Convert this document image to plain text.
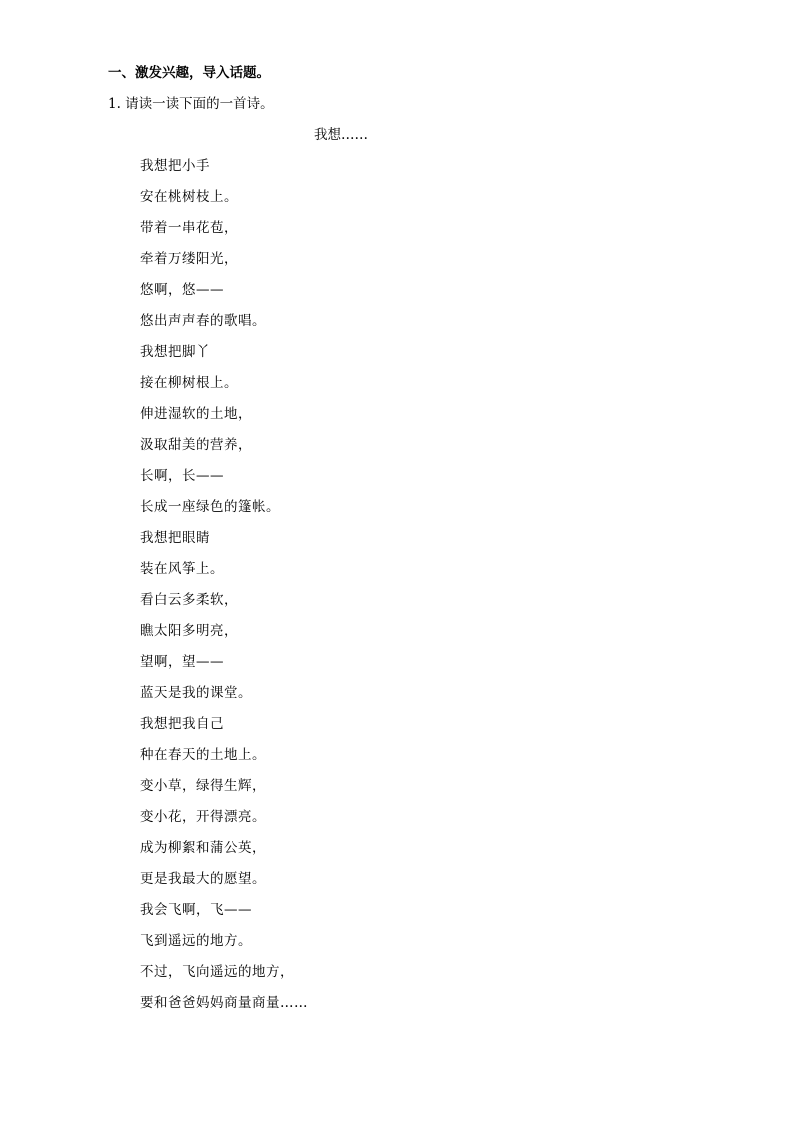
一、激发兴趣，导入话题。
1. 请读一读下面的一首诗。
我想……
我想把小手
安在桃树枝上。
带着一串花苞，
牵着万缕阳光，
悠啊，悠——
悠出声声春的歌唱。
我想把脚丫
接在柳树根上。
伸进湿软的土地，
汲取甜美的营养，
长啊，长——
长成一座绿色的篷帐。
我想把眼睛
装在风筝上。
看白云多柔软，
瞧太阳多明亮，
望啊，望——
蓝天是我的课堂。
我想把我自己
种在春天的土地上。
变小草，绿得生辉，
变小花，开得漂亮。
成为柳絮和蒲公英，
更是我最大的愿望。
我会飞啊，飞——
飞到遥远的地方。
不过，飞向遥远的地方，
要和爸爸妈妈商量商量……
